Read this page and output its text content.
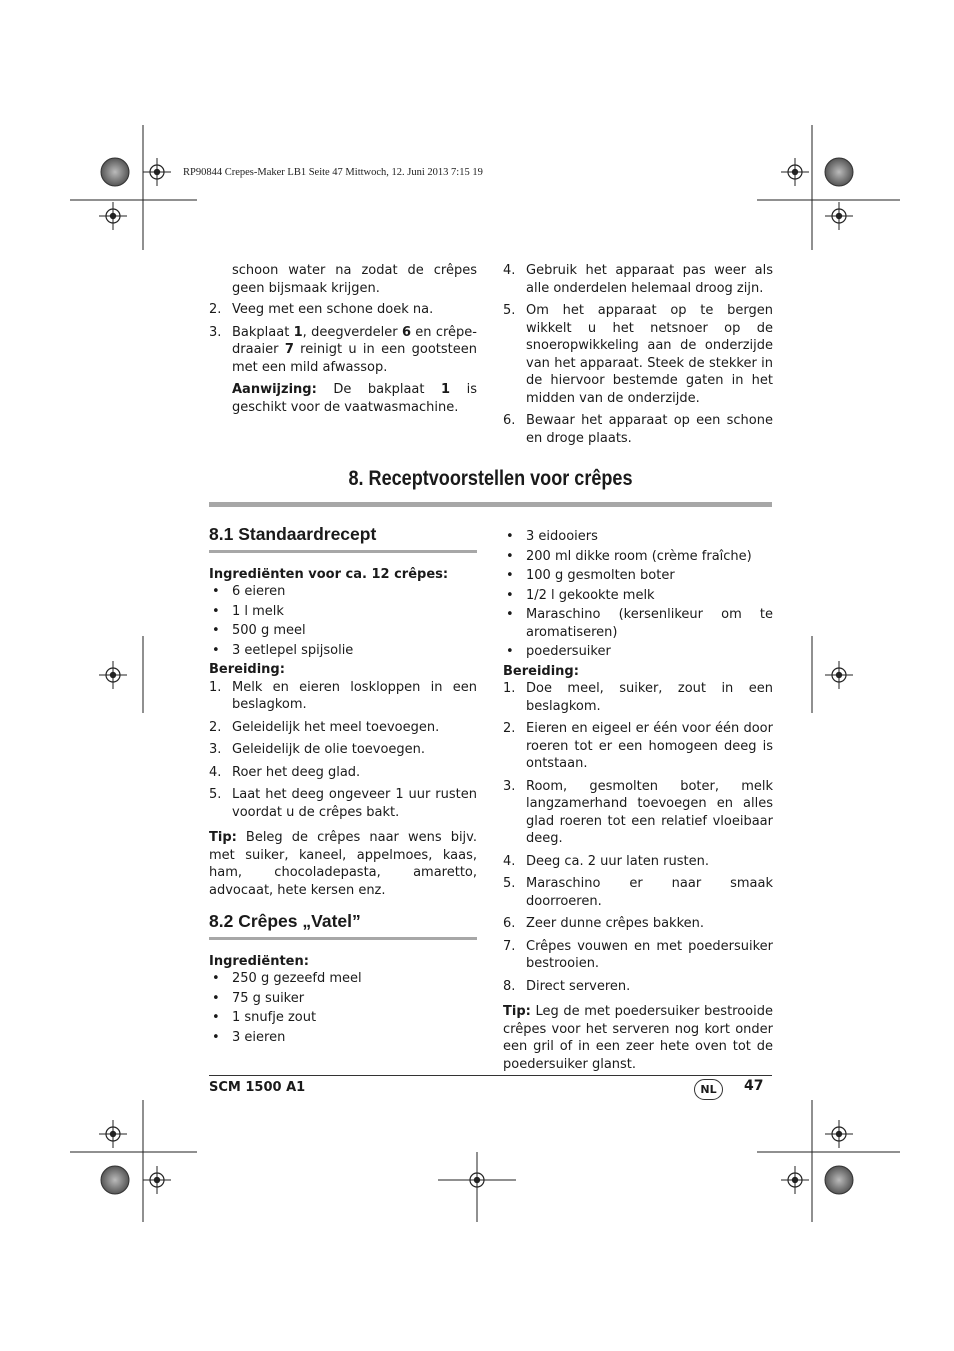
RP90844 Crepes-Maker LB1 Seite 47 Mittwoch, 12. Juni 2013 7:15 19

schoon water na zodat de crêpes geen bijsmaak krijgen.

2. Veeg met een schone doek na.
3. Bakplaat 1, deegverdeler 6 en crêpedraaier 7 reinigt u in een gootsteen met een mild afwassop.

Aanwijzing: De bakplaat 1 is geschikt voor de vaatwasmachine.

4. Gebruik het apparaat pas weer als alle onderdelen helemaal droog zijn.
5. Om het apparaat op te bergen wikkelt u het netsnoer op de snoeropwikkeling aan de onderzijde van het apparaat. Steek de stekker in de hiervoor bestemde gaten in het midden van de onderzijde.
6. Bewaar het apparaat op een schone en droge plaats.
8. Receptvoorstellen voor crêpes
8.1 Standaardrecept

Ingrediënten voor ca. 12 crêpes:

• 6 eieren
• 1 l melk
• 500 g meel
• 3 eetlepel spijsolie

Bereiding:

1. Melk en eieren loskloppen in een beslagkom.
2. Geleidelijk het meel toevoegen.
3. Geleidelijk de olie toevoegen.
4. Roer het deeg glad.
5. Laat het deeg ongeveer 1 uur rusten voordat u de crêpes bakt.

Tip: Beleg de crêpes naar wens bijv. met suiker, kaneel, appelmoes, kaas, ham, chocoladepasta, amaretto, advocaat, hete kersen enz.

8.2 Crêpes „Vatel”

Ingrediënten:

• 250 g gezeefd meel
• 75 g suiker
• 1 snufje zout
• 3 eieren
• 3 eidooiers
• 200 ml dikke room (crème fraîche)
• 100 g gesmolten boter
• 1/2 l gekookte melk
• Maraschino (kersenlikeur om te aromatiseren)
• poedersuiker

Bereiding:

1. Doe meel, suiker, zout in een beslagkom.
2. Eieren en eigeel er één voor één door roeren tot er een homogeen deeg is ontstaan.
3. Room, gesmolten boter, melk langzamerhand toevoegen en alles glad roeren tot een relatief vloeibaar deeg.
4. Deeg ca. 2 uur laten rusten.
5. Maraschino er naar smaak doorroeren.
6. Zeer dunne crêpes bakken.
7. Crêpes vouwen en met poedersuiker bestrooien.
8. Direct serveren.

Tip: Leg de met poedersuiker bestrooide crêpes voor het serveren nog kort onder een gril of in een zeer hete oven tot de poedersuiker glanst.

SCM 1500 A1	NL	47
